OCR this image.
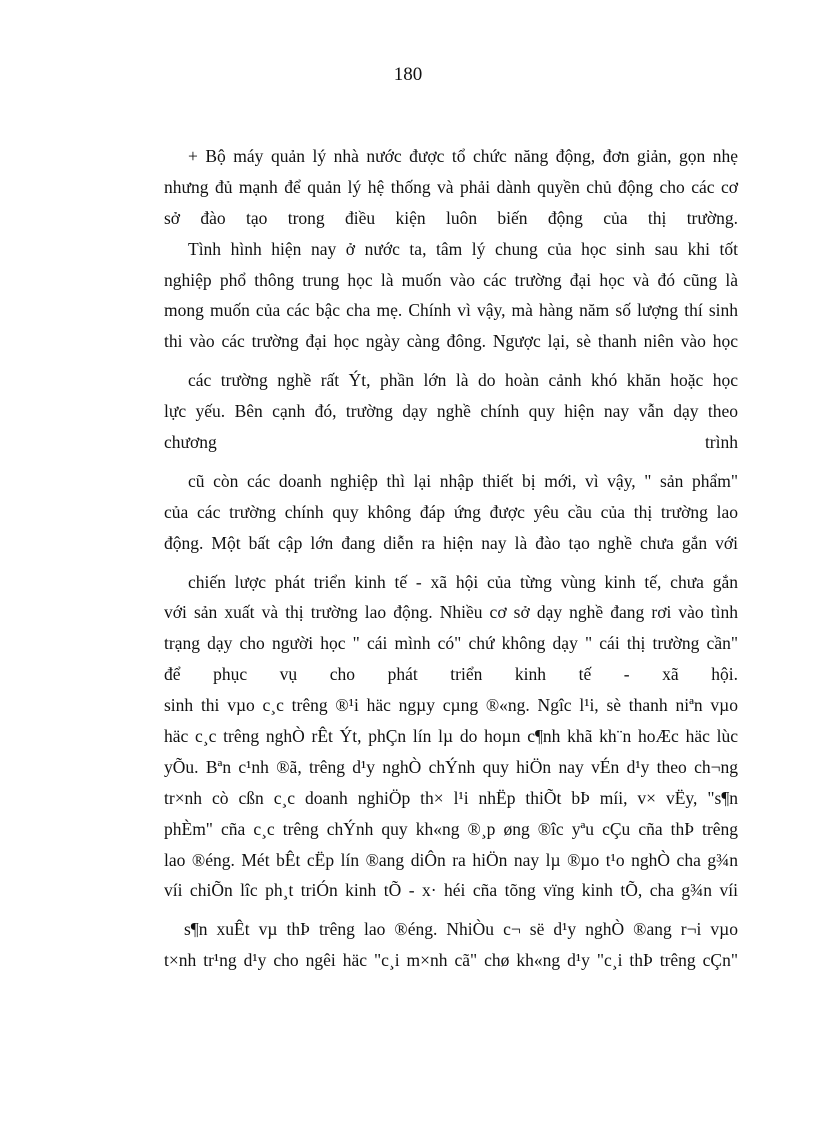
180
+ Bộ máy quản lý nhà nước được tổ chức năng động, đơn giản, gọn nhẹ
nhưng đủ mạnh để quản lý hệ thống và phải dành quyền chủ động cho các cơ
sở đào tạo trong điều kiện luôn biến động của thị trường.
Tình hình hiện nay ở nước ta, tâm lý chung của học sinh sau khi tốt
nghiệp phổ thông trung học là muốn vào các trường đại học và đó cũng là
mong muốn của các bậc cha mẹ. Chính vì vậy, mà hàng năm số lượng thí sinh
thi vào các trường đại học ngày càng đông. Ngược lại, sè thanh niên vào học
các trường nghề rất Ýt, phần lớn là do hoàn cảnh khó khăn hoặc học
lực yếu. Bên cạnh đó, trường dạy nghề chính quy hiện nay vẫn dạy theo
chương trình
cũ còn các doanh nghiệp thì lại nhập thiết bị mới, vì vậy, " sản phẩm"
của các trường chính quy không đáp ứng được yêu cầu của thị trường lao
động. Một bất cập lớn đang diễn ra hiện nay là đào tạo nghề chưa gắn với
chiến lược phát triển kinh tế - xã hội của từng vùng kinh tế, chưa gắn
với sản xuất và thị trường lao động. Nhiều cơ sở dạy nghề đang rơi vào tình
trạng dạy cho người học " cái mình có" chứ không dạy " cái thị trường cần"
để phục vụ cho phát triển kinh tế - xã hội.
sinh thi vµo c¸c trêng ®¹i häc ngµy cµng ®«ng. Ngîc l¹i, sè thanh niªn vµo
häc c¸c trêng nghÒ rÊt Ýt, phÇn lín lµ do hoµn c¶nh khã kh¨n hoÆc häc lùc
yÕu. Bªn c¹nh ®ã, trêng d¹y nghÒ chÝnh quy hiÖn nay vÉn d¹y theo ch¬ng
tr×nh cò cßn c¸c doanh nghiÖp th× l¹i nhËp thiÕt bÞ míi, v× vËy, "s¶n
phÈm" cña c¸c trêng chÝnh quy kh«ng ®¸p øng ®îc yªu cÇu cña thÞ trêng
lao ®éng. Mét bÊt cËp lín ®ang diÔn ra hiÖn nay lµ ®µo t¹o nghÒ cha g¾n
víi chiÕn lîc ph¸t triÓn kinh tÕ - x· héi cña tõng vïng kinh tÕ, cha g¾n víi
s¶n xuÊt vµ thÞ trêng lao ®éng. NhiÒu c¬ së d¹y nghÒ ®ang r¬i vµo
t×nh tr¹ng d¹y cho ngêi häc "c¸i m×nh cã" chø kh«ng d¹y "c¸i thÞ trêng cÇn"
